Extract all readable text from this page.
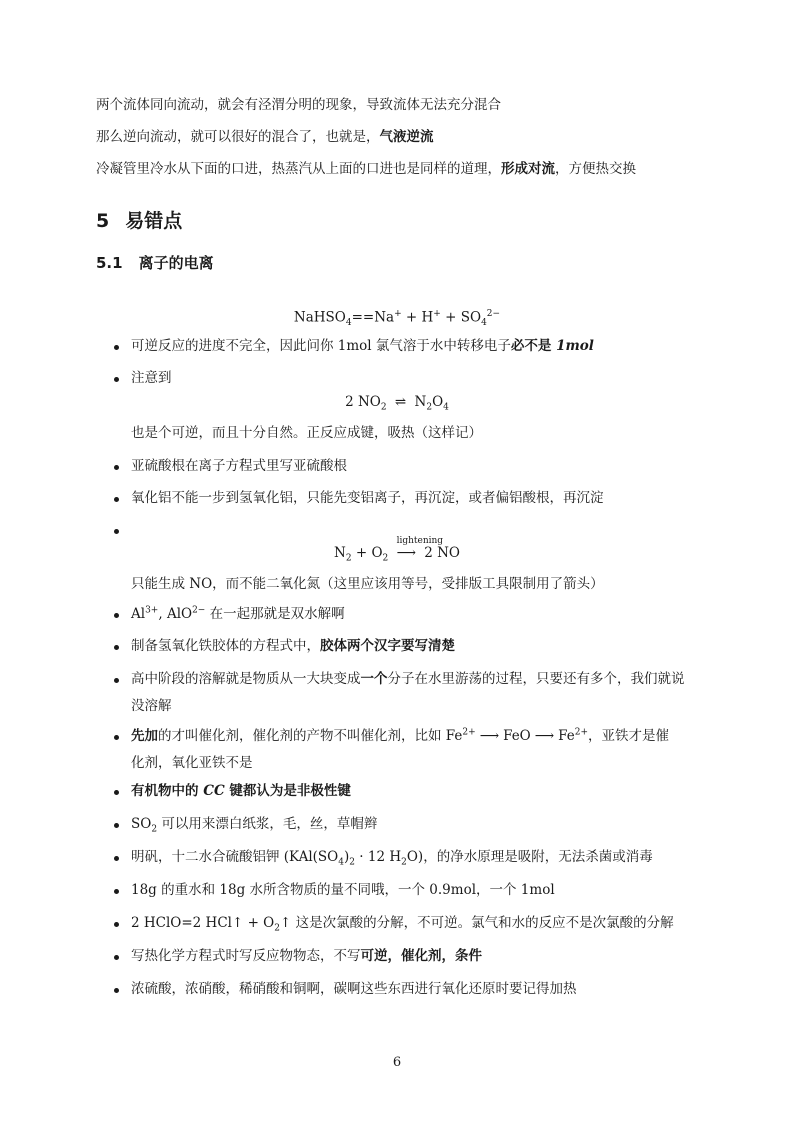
两个流体同向流动，就会有泾渭分明的现象，导致流体无法充分混合
那么逆向流动，就可以很好的混合了，也就是，气液逆流
冷凝管里冷水从下面的口进，热蒸汽从上面的口进也是同样的道理，形成对流，方便热交换
5 易错点
5.1 离子的电离
NaHSO$_4$==Na+ + $H^+ + SO_4^{2-}$
可逆反应的进度不完全，因此问你 1mol 氯气溶于水中转移电子必不是 1mol
注意到
2 $NO_2$ ⇌ $N_2O_4$
也是个可逆，而且十分自然。正反应成键，吸热（这样记）
亚硫酸根在离子方程式里写亚硫酸根
氧化铝不能一步到氢氧化铝，只能先变铝离子，再沉淀，或者偏铝酸根，再沉淀
$N_2 + O_2$
lightening
⟶ 2 NO
只能生成 NO，而不能二氧化氮（这里应该用等号，受排版工具限制用了箭头）
$Al^{3+}$, AlO$^{2-}$ 在一起那就是双水解啊
制备氢氧化铁胶体的方程式中，胶体两个汉字要写清楚
高中阶段的溶解就是物质从一大块变成一个分子在水里游荡的过程，只要还有多个，我们就说
没溶解
先加的才叫催化剂，催化剂的产物不叫催化剂，比如 $Fe^{2+}$ ⟶ FeO ⟶ $Fe^{2+}$，亚铁才是催
化剂，氧化亚铁不是
有机物中的 CC 键都认为是非极性键
$SO_2$ 可以用来漂白纸浆，毛，丝，草帽辫
明矾，十二水合硫酸铝钾 ($KAl(SO_4)_2 \cdot 12$ $H_2O$)，的净水原理是吸附，无法杀菌或消毒
18g 的重水和 18g 水所含物质的量不同哦，一个 0.9mol，一个 1mol
2 HClO=2 HCl↑ + $O_2↑$ 这是次氯酸的分解，不可逆。氯气和水的反应不是次氯酸的分解
写热化学方程式时写反应物物态，不写可逆，催化剂，条件
浓硫酸，浓硝酸，稀硝酸和铜啊，碳啊这些东西进行氧化还原时要记得加热
6
